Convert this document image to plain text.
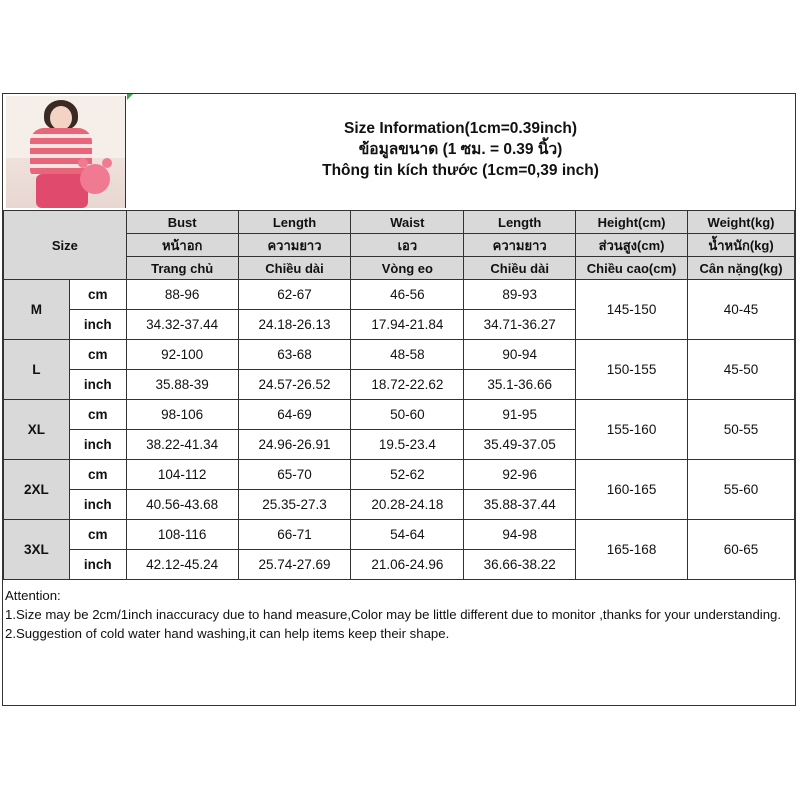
Size Information(1cm=0.39inch)
ข้อมูลขนาด (1 ซม. = 0.39 นิ้ว)
Thông tin kích thước (1cm=0,39 inch)
Size		Bust	Length	Waist	Length	Height(cm)	Weight(kg)
		หน้าอก	ความยาว	เอว	ความยาว	ส่วนสูง(cm)	น้ำหนัก(kg)
		Trang chủ	Chiều dài	Vòng eo	Chiều dài	Chiều cao(cm)	Cân nặng(kg)
M	cm	88-96	62-67	46-56	89-93	145-150	40-45
	inch	34.32-37.44	24.18-26.13	17.94-21.84	34.71-36.27		
L	cm	92-100	63-68	48-58	90-94	150-155	45-50
	inch	35.88-39	24.57-26.52	18.72-22.62	35.1-36.66		
XL	cm	98-106	64-69	50-60	91-95	155-160	50-55
	inch	38.22-41.34	24.96-26.91	19.5-23.4	35.49-37.05		
2XL	cm	104-112	65-70	52-62	92-96	160-165	55-60
	inch	40.56-43.68	25.35-27.3	20.28-24.18	35.88-37.44		
3XL	cm	108-116	66-71	54-64	94-98	165-168	60-65
	inch	42.12-45.24	25.74-27.69	21.06-24.96	36.66-38.22		
Attention:
1.Size may be 2cm/1inch inaccuracy due to hand measure,Color may be little different due to monitor ,thanks for your understanding.
2.Suggestion of cold water hand washing,it can help items keep their shape.
